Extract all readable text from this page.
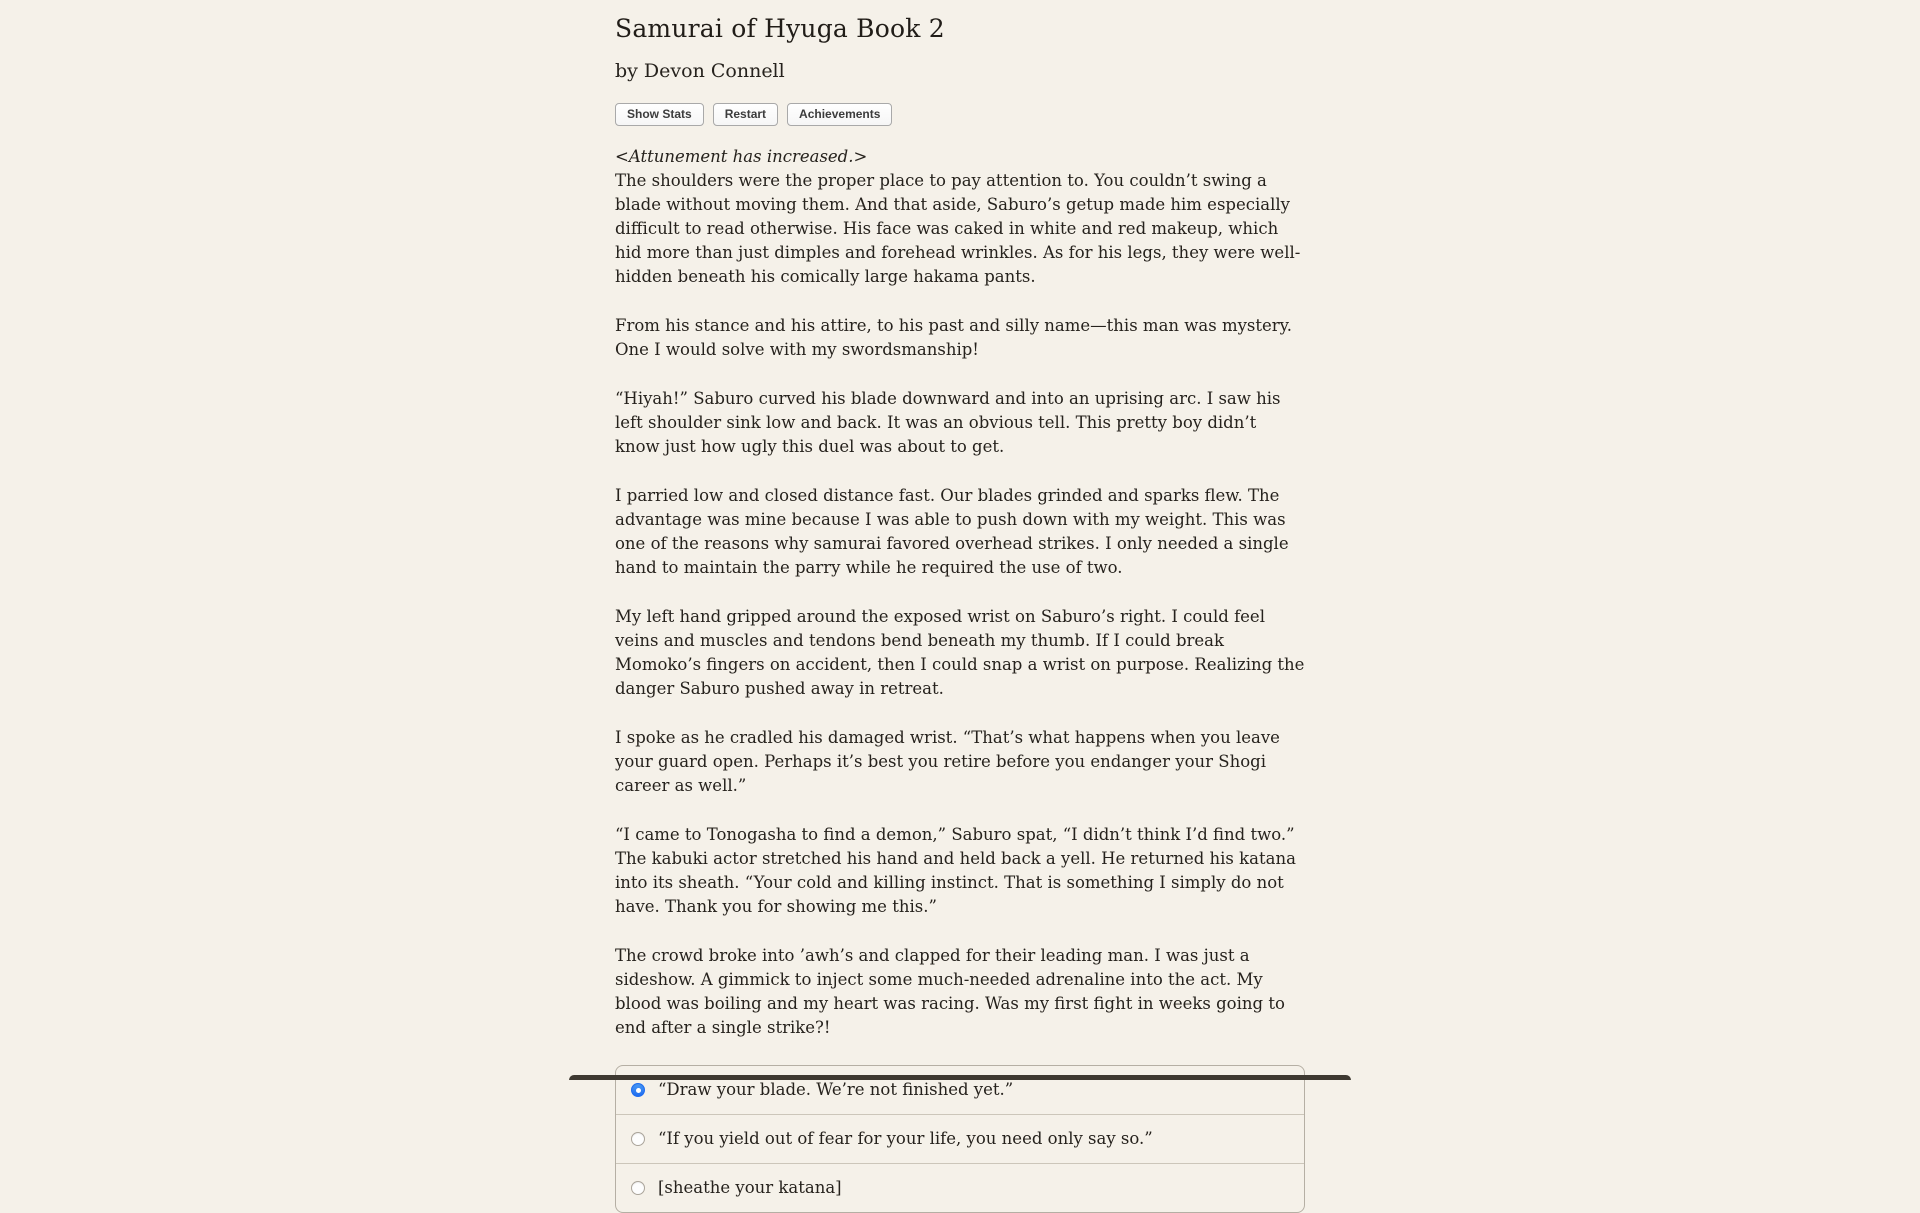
Samurai of Hyuga Book 2
by Devon Connell
Show Stats	Restart	Achievements
<Attunement has increased.>

The shoulders were the proper place to pay attention to. You couldn’t swing a blade without moving them. And that aside, Saburo’s getup made him especially difficult to read otherwise. His face was caked in white and red makeup, which hid more than just dimples and forehead wrinkles. As for his legs, they were well-hidden beneath his comically large hakama pants.

From his stance and his attire, to his past and silly name—this man was mystery. One I would solve with my swordsmanship!

“Hiyah!” Saburo curved his blade downward and into an uprising arc. I saw his left shoulder sink low and back. It was an obvious tell. This pretty boy didn’t know just how ugly this duel was about to get.

I parried low and closed distance fast. Our blades grinded and sparks flew. The advantage was mine because I was able to push down with my weight. This was one of the reasons why samurai favored overhead strikes. I only needed a single hand to maintain the parry while he required the use of two.

My left hand gripped around the exposed wrist on Saburo’s right. I could feel veins and muscles and tendons bend beneath my thumb. If I could break Momoko’s fingers on accident, then I could snap a wrist on purpose. Realizing the danger Saburo pushed away in retreat.

I spoke as he cradled his damaged wrist. “That’s what happens when you leave your guard open. Perhaps it’s best you retire before you endanger your Shogi career as well.”

“I came to Tonogasha to find a demon,” Saburo spat, “I didn’t think I’d find two.” The kabuki actor stretched his hand and held back a yell. He returned his katana into its sheath. “Your cold and killing instinct. That is something I simply do not have. Thank you for showing me this.”

The crowd broke into ’awh’s and clapped for their leading man. I was just a sideshow. A gimmick to inject some much-needed adrenaline into the act. My blood was boiling and my heart was racing. Was my first fight in weeks going to end after a single strike?!

“Draw your blade. We’re not finished yet.”
“If you yield out of fear for your life, you need only say so.”
[sheathe your katana]
